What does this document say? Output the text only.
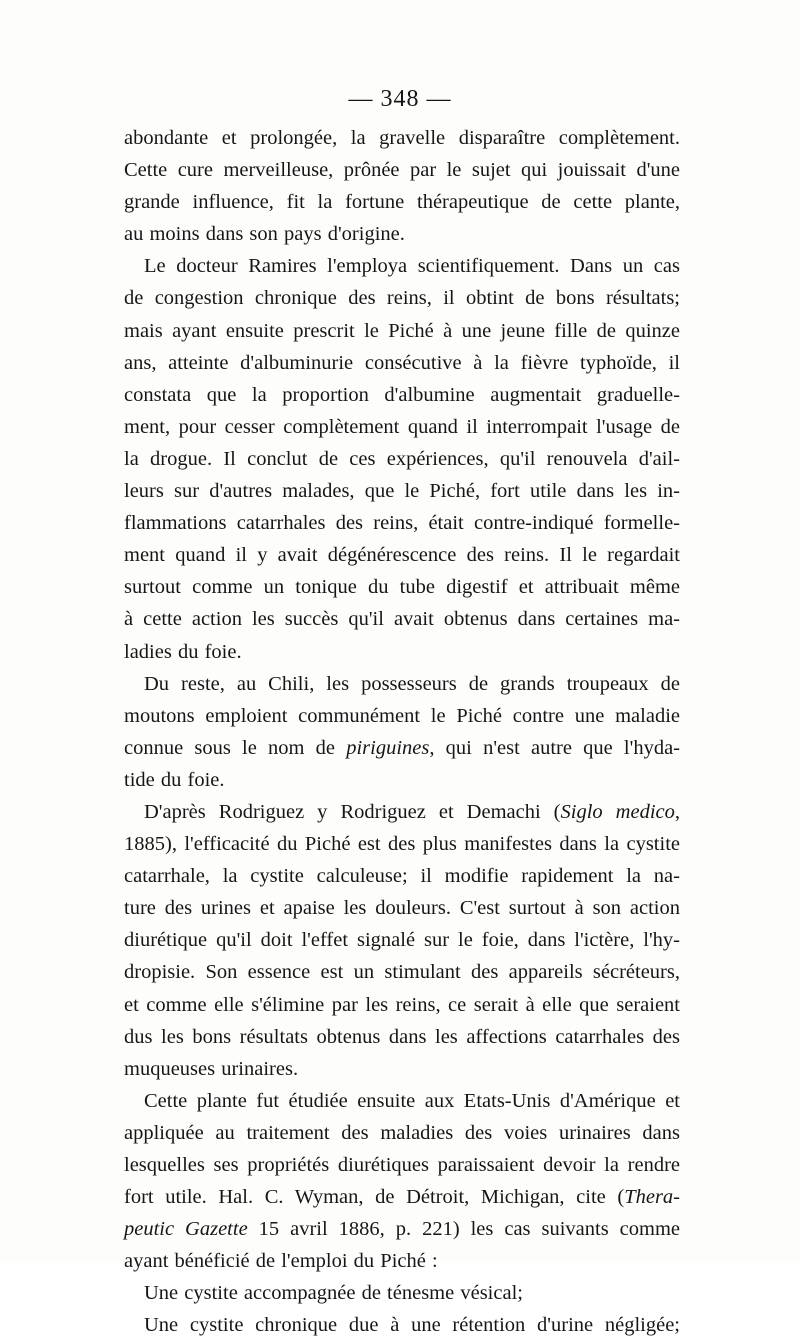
— 348 —
abondante et prolongée, la gravelle disparaître complètement.
Cette cure merveilleuse, prônée par le sujet qui jouissait d'une
grande influence, fit la fortune thérapeutique de cette plante,
au moins dans son pays d'origine.
Le docteur Ramires l'employa scientifiquement. Dans un cas
de congestion chronique des reins, il obtint de bons résultats;
mais ayant ensuite prescrit le Piché à une jeune fille de quinze
ans, atteinte d'albuminurie consécutive à la fièvre typhoïde, il
constata que la proportion d'albumine augmentait graduelle-
ment, pour cesser complètement quand il interrompait l'usage de
la drogue. Il conclut de ces expériences, qu'il renouvela d'ail-
leurs sur d'autres malades, que le Piché, fort utile dans les in-
flammations catarrhales des reins, était contre-indiqué formelle-
ment quand il y avait dégénérescence des reins. Il le regardait
surtout comme un tonique du tube digestif et attribuait même
à cette action les succès qu'il avait obtenus dans certaines ma-
ladies du foie.
Du reste, au Chili, les possesseurs de grands troupeaux de
moutons emploient communément le Piché contre une maladie
connue sous le nom de piriguines, qui n'est autre que l'hyda-
tide du foie.
D'après Rodriguez y Rodriguez et Demachi (Siglo medico,
1885), l'efficacité du Piché est des plus manifestes dans la cystite
catarrhale, la cystite calculeuse; il modifie rapidement la na-
ture des urines et apaise les douleurs. C'est surtout à son action
diurétique qu'il doit l'effet signalé sur le foie, dans l'ictère, l'hy-
dropisie. Son essence est un stimulant des appareils sécréteurs,
et comme elle s'élimine par les reins, ce serait à elle que seraient
dus les bons résultats obtenus dans les affections catarrhales des
muqueuses urinaires.
Cette plante fut étudiée ensuite aux Etats-Unis d'Amérique et
appliquée au traitement des maladies des voies urinaires dans
lesquelles ses propriétés diurétiques paraissaient devoir la rendre
fort utile. Hal. C. Wyman, de Détroit, Michigan, cite (Thera-
peutic Gazette 15 avril 1886, p. 221) les cas suivants comme
ayant bénéficié de l'emploi du Piché :
Une cystite accompagnée de ténesme vésical;
Une cystite chronique due à une rétention d'urine négligée;
